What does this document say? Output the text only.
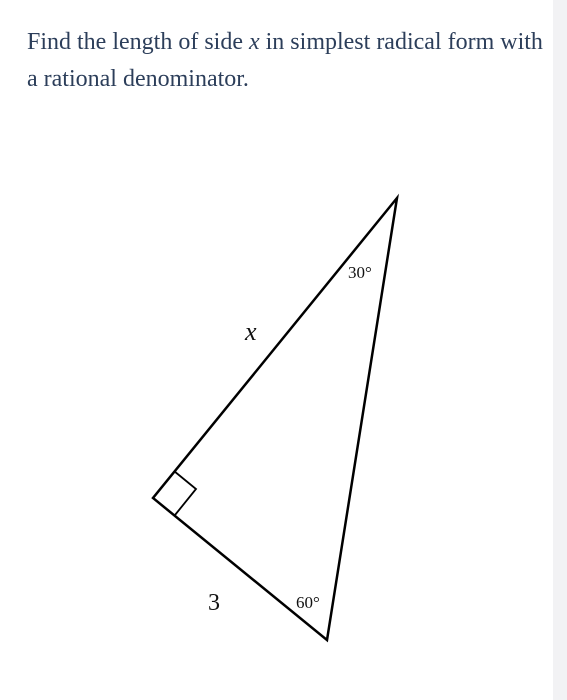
Find the length of side x in simplest radical form with a rational denominator.

x
3
30°
60°
